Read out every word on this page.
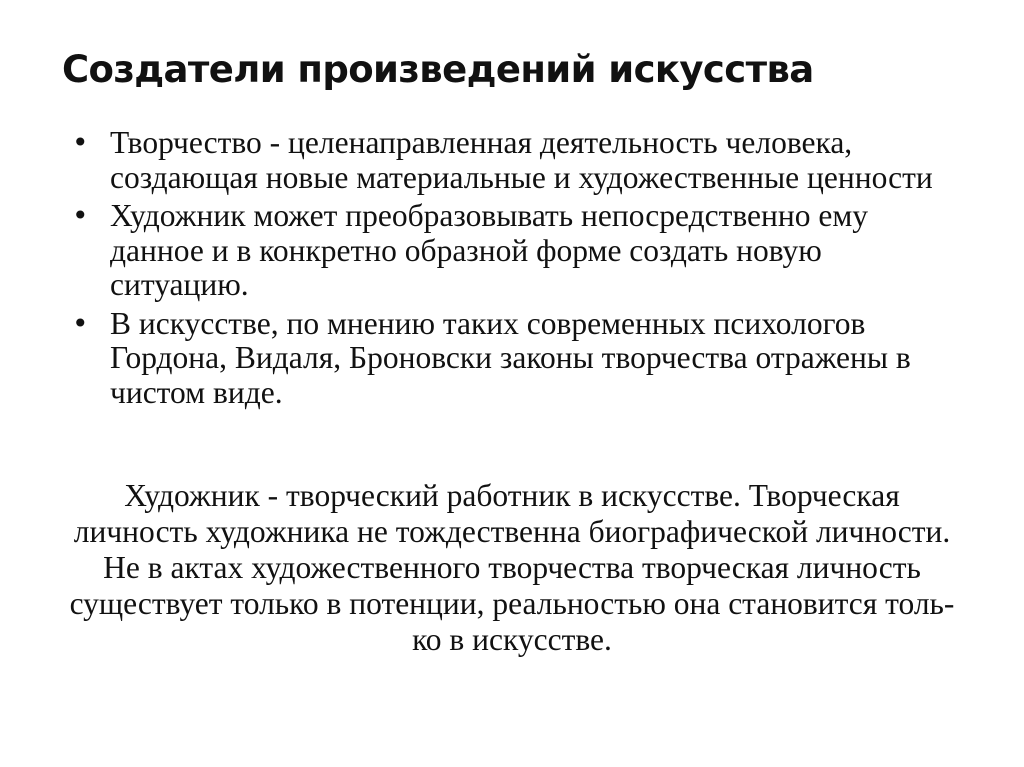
Создатели произведений искусства
• Творчество - целенаправленная деятельность человека, создающая новые материальные и художественные ценности
• Художник может преобразовывать непосредственно ему данное и в конкретно образной форме создать новую ситуацию.
• В искусстве, по мнению таких современных психологов Гордона, Видаля, Броновски законы творчества отражены в чистом виде.
Художник - творческий работник в искусстве. Творческая личность художника не тождественна биографической личности. Не в актах художественного творчества творческая личность существует только в потенции, реальностью она становится толь-ко в искусстве.
